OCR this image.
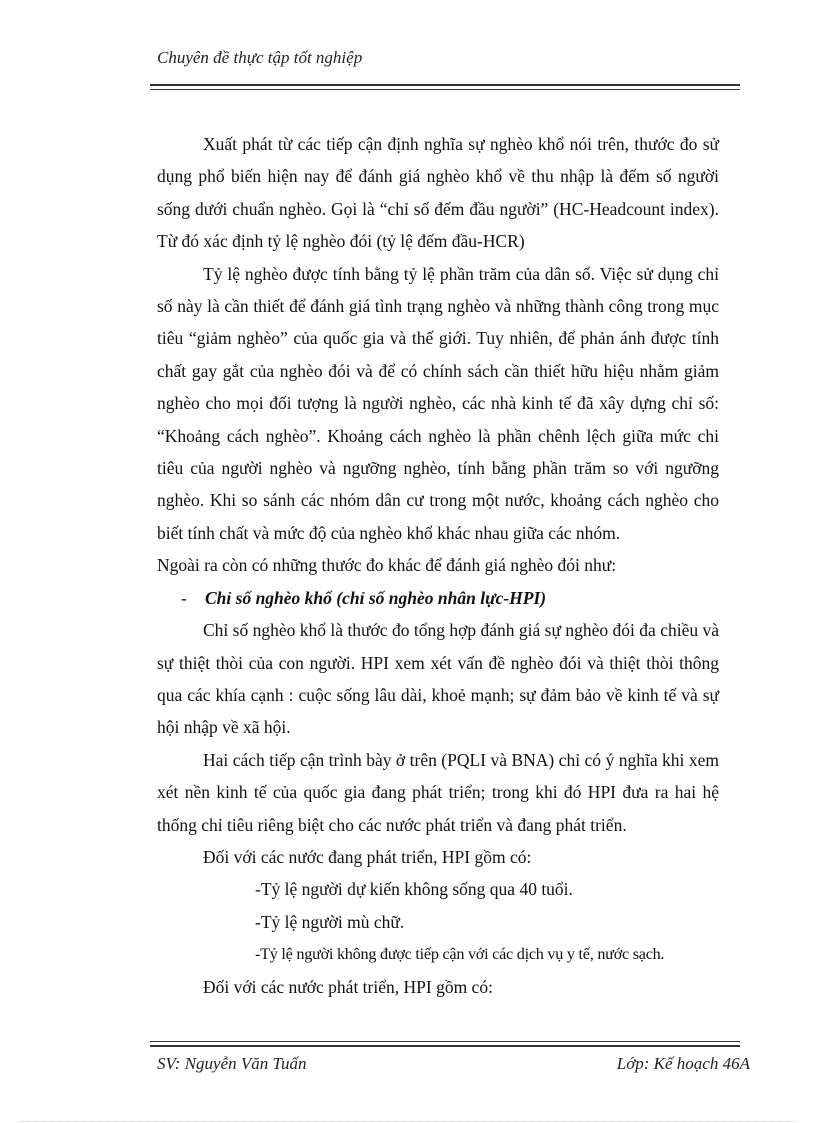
Chuyên đề thực tập tốt nghiệp

Xuất phát từ các tiếp cận định nghĩa sự nghèo khổ nói trên, thước đo sử dụng phổ biến hiện nay để đánh giá nghèo khổ về thu nhập là đếm số người sống dưới chuẩn nghèo. Gọi là “chỉ số đếm đầu người” (HC-Headcount index). Từ đó xác định tỷ lệ nghèo đói (tỷ lệ đếm đầu-HCR)

Tỷ lệ nghèo được tính bằng tỷ lệ phần trăm của dân số. Việc sử dụng chỉ số này là cần thiết để đánh giá tình trạng nghèo và những thành công trong mục tiêu “giảm nghèo” của quốc gia và thế giới. Tuy nhiên, để phản ánh được tính chất gay gắt của nghèo đói và để có chính sách cần thiết hữu hiệu nhằm giảm nghèo cho mọi đối tượng là người nghèo, các nhà kinh tế đã xây dựng chỉ số: “Khoảng cách nghèo”. Khoảng cách nghèo là phần chênh lệch giữa mức chi tiêu của người nghèo và ngưỡng nghèo, tính bằng phần trăm so với ngưỡng nghèo. Khi so sánh các nhóm dân cư trong một nước, khoảng cách nghèo cho biết tính chất và mức độ của nghèo khổ khác nhau giữa các nhóm.

Ngoài ra còn có những thước đo khác để đánh giá nghèo đói như:

-	Chỉ số nghèo khổ (chỉ số nghèo nhân lực-HPI)

Chỉ số nghèo khổ là thước đo tổng hợp đánh giá sự nghèo đói đa chiều và sự thiệt thòi của con người. HPI xem xét vấn đề nghèo đói và thiệt thòi thông qua các khía cạnh : cuộc sống lâu dài, khoẻ mạnh; sự đảm bảo về kinh tế và sự hội nhập về xã hội.

Hai cách tiếp cận trình bày ở trên (PQLI và BNA) chỉ có ý nghĩa khi xem xét nền kinh tế của quốc gia đang phát triển; trong khi đó HPI đưa ra hai hệ thống chỉ tiêu riêng biệt cho các nước phát triển và đang phát triển.

Đối với các nước đang phát triển, HPI gồm có:

-Tỷ lệ người dự kiến không sống qua 40 tuổi.

-Tỷ lệ người mù chữ.

-Tỷ lệ người không được tiếp cận với các dịch vụ y tế, nước sạch.

Đối với các nước phát triển, HPI gồm có:

SV: Nguyễn Văn Tuấn	Lớp: Kế hoạch 46A
